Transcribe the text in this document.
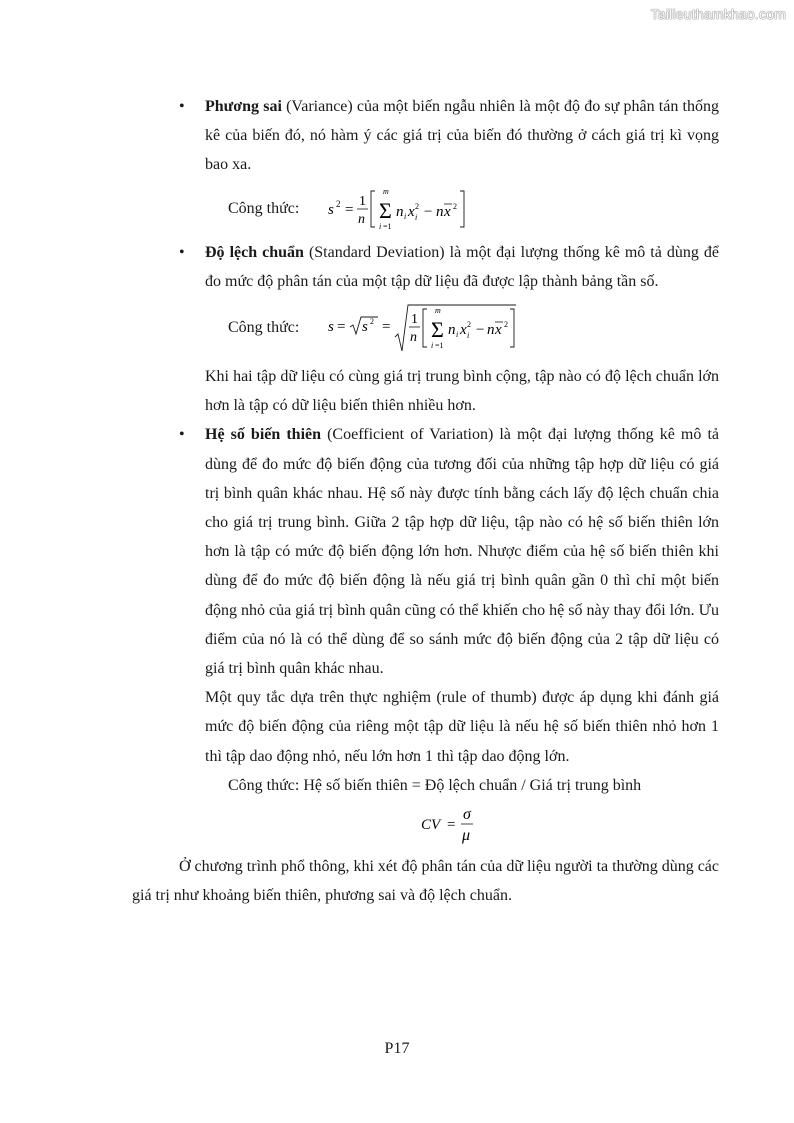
Tailieuthamkhao.com
• Phương sai (Variance) của một biến ngẫu nhiên là một độ đo sự phân tán thống kê của biến đó, nó hàm ý các giá trị của biến đó thường ở cách giá trị kì vọng bao xa.
Công thức:	s 2 =
1
n
m
Σ
i =1
n i x 2
i − n x 2
• Độ lệch chuẩn (Standard Deviation) là một đại lượng thống kê mô tả dùng để đo mức độ phân tán của một tập dữ liệu đã được lập thành bảng tần số.
Công thức:	s = s 2 = 1
n
m
Σ
i =1
n i x 2
i − n x 2
Khi hai tập dữ liệu có cùng giá trị trung bình cộng, tập nào có độ lệch chuẩn lớn hơn là tập có dữ liệu biến thiên nhiều hơn.
• Hệ số biến thiên (Coefficient of Variation) là một đại lượng thống kê mô tả dùng để đo mức độ biến động của tương đối của những tập hợp dữ liệu có giá trị bình quân khác nhau. Hệ số này được tính bằng cách lấy độ lệch chuẩn chia cho giá trị trung bình. Giữa 2 tập hợp dữ liệu, tập nào có hệ số biến thiên lớn hơn là tập có mức độ biến động lớn hơn. Nhược điểm của hệ số biến thiên khi dùng để đo mức độ biến động là nếu giá trị bình quân gần 0 thì chỉ một biến động nhỏ của giá trị bình quân cũng có thể khiến cho hệ số này thay đổi lớn. Ưu điểm của nó là có thể dùng để so sánh mức độ biến động của 2 tập dữ liệu có giá trị bình quân khác nhau.
Một quy tắc dựa trên thực nghiệm (rule of thumb) được áp dụng khi đánh giá mức độ biến động của riêng một tập dữ liệu là nếu hệ số biến thiên nhỏ hơn 1 thì tập dao động nhỏ, nếu lớn hơn 1 thì tập dao động lớn.
Công thức: Hệ số biến thiên = Độ lệch chuẩn / Giá trị trung bình
CV =
σ
μ
Ở chương trình phổ thông, khi xét độ phân tán của dữ liệu người ta thường dùng các giá trị như khoảng biến thiên, phương sai và độ lệch chuẩn.
P17
